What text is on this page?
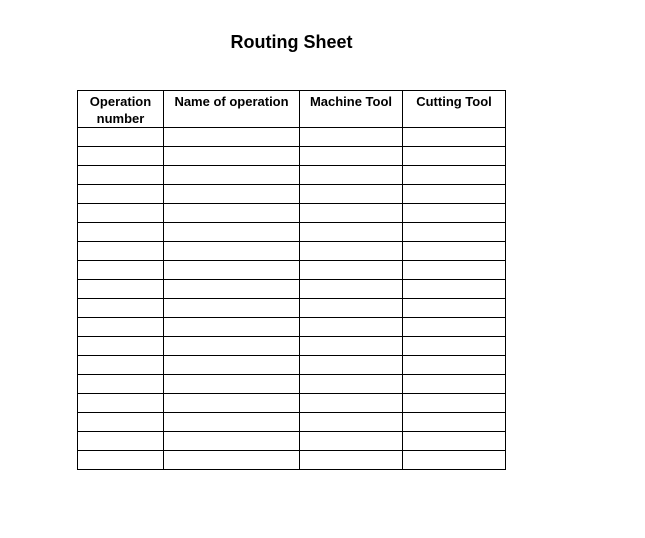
Routing Sheet
Operation number	Name of operation	Machine Tool	Cutting Tool
